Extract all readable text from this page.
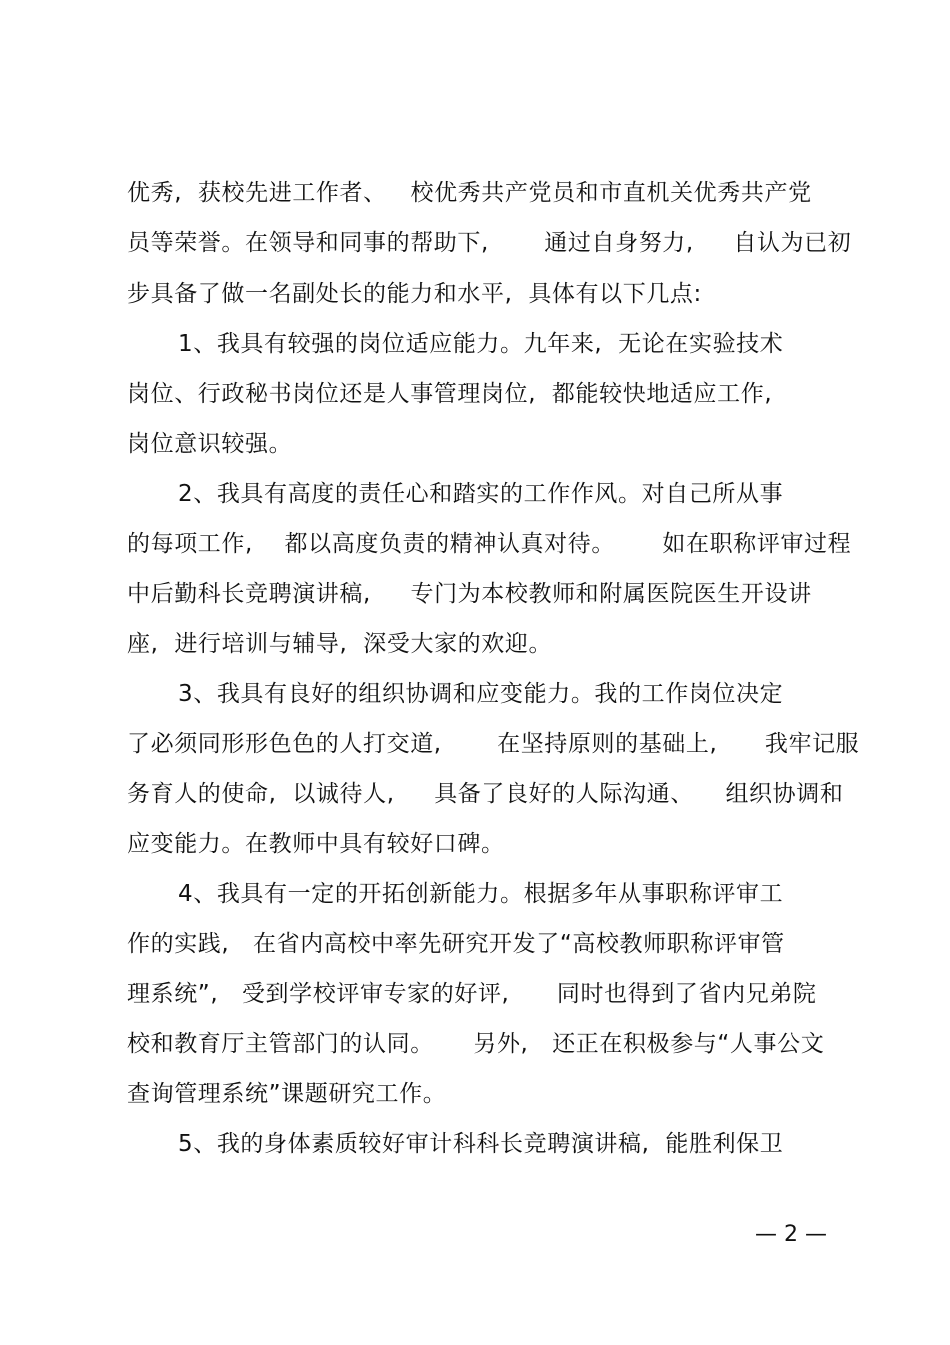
优秀,  获校先进工作者、   校优秀共产党员和市直机关优秀共产党
员等荣誉。在领导和同事的帮助下,       通过自身努力,     自认为已初
步具备了做一名副处长的能力和水平,  具体有以下几点:
1、我具有较强的岗位适应能力。九年来,  无论在实验技术
岗位、行政秘书岗位还是人事管理岗位,  都能较快地适应工作,
岗位意识较强。
2、我具有高度的责任心和踏实的工作作风。对自己所从事
的每项工作,    都以高度负责的精神认真对待。      如在职称评审过程
中后勤科长竞聘演讲稿,     专门为本校教师和附属医院医生开设讲
座,  进行培训与辅导,  深受大家的欢迎。
3、我具有良好的组织协调和应变能力。我的工作岗位决定
了必须同形形色色的人打交道,       在坚持原则的基础上,      我牢记服
务育人的使命,  以诚待人,     具备了良好的人际沟通、    组织协调和
应变能力。在教师中具有较好口碑。
4、我具有一定的开拓创新能力。根据多年从事职称评审工
作的实践,   在省内高校中率先研究开发了“高校教师职称评审管
理系统”,   受到学校评审专家的好评,      同时也得到了省内兄弟院
校和教育厅主管部门的认同。     另外,   还正在积极参与“人事公文
查询管理系统”课题研究工作。
5、我的身体素质较好审计科科长竞聘演讲稿,  能胜利保卫
— 2 —
